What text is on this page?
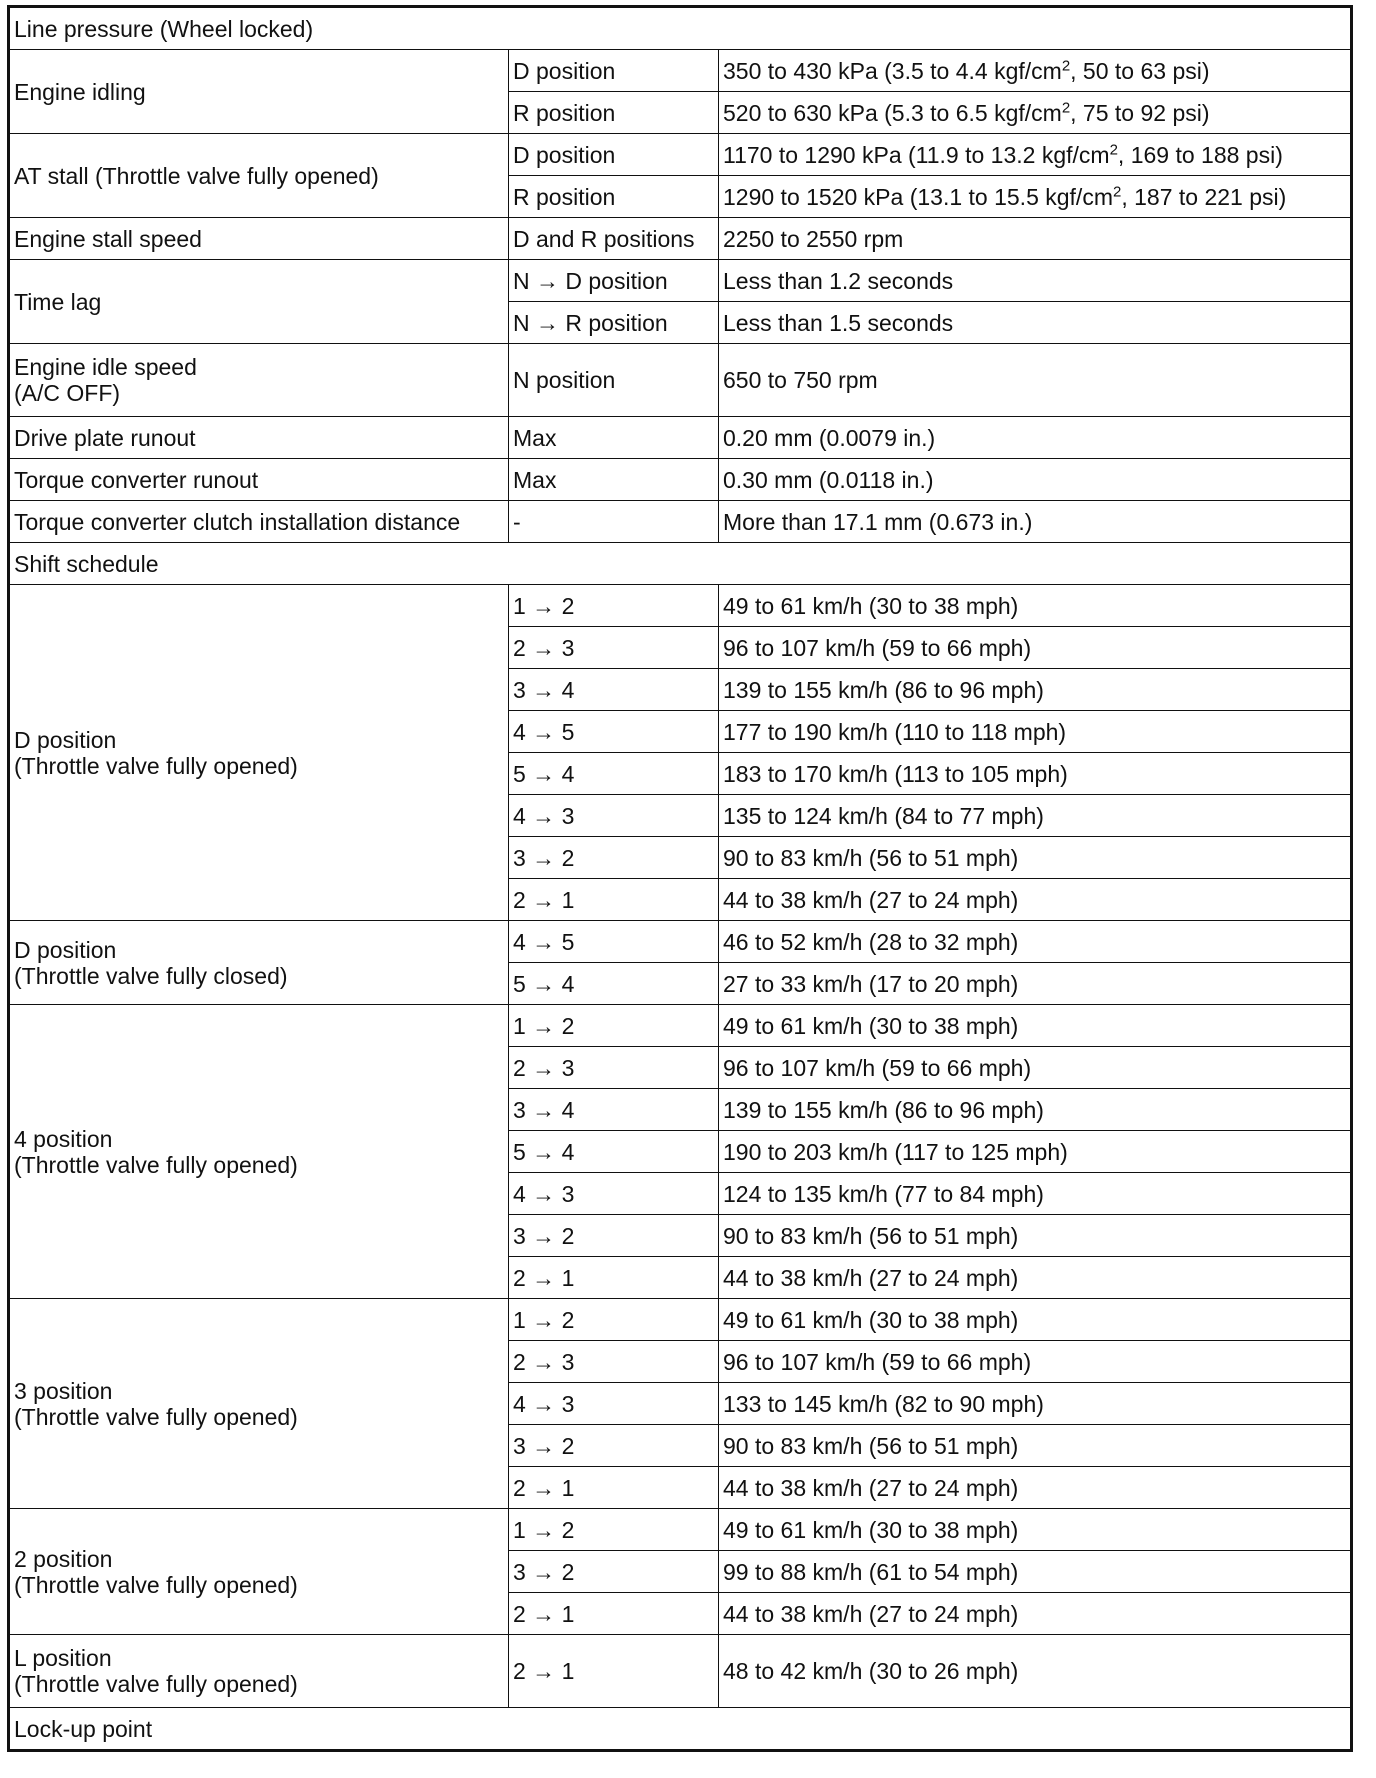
Line pressure (Wheel locked)		
Engine idling	D position	350 to 430 kPa (3.5 to 4.4 kgf/$cm^2$, 50 to 63 psi)
	R position	520 to 630 kPa (5.3 to 6.5 kgf/$cm^2$, 75 to 92 psi)
AT stall (Throttle valve fully opened)	D position	1170 to 1290 kPa (11.9 to 13.2 kgf/$cm^2$, 169 to 188 psi)
	R position	1290 to 1520 kPa (13.1 to 15.5 kgf/$cm^2$, 187 to 221 psi)
Engine stall speed	D and R positions	2250 to 2550 rpm
Time lag	N → D position	Less than 1.2 seconds
	N → R position	Less than 1.5 seconds

Engine idle speed
(A/C OFF)	N position	650 to 750 rpm
Drive plate runout	Max	0.20 mm (0.0079 in.)
Torque converter runout	Max	0.30 mm (0.0118 in.)
Torque converter clutch installation distance	-	More than 17.1 mm (0.673 in.)
Shift schedule		

D position
(Throttle valve fully opened)	1 → 2	49 to 61 km/h (30 to 38 mph)
	2 → 3	96 to 107 km/h (59 to 66 mph)
	3 → 4	139 to 155 km/h (86 to 96 mph)
	4 → 5	177 to 190 km/h (110 to 118 mph)
	5 → 4	183 to 170 km/h (113 to 105 mph)
	4 → 3	135 to 124 km/h (84 to 77 mph)
	3 → 2	90 to 83 km/h (56 to 51 mph)
	2 → 1	44 to 38 km/h (27 to 24 mph)

D position
(Throttle valve fully closed)	4 → 5	46 to 52 km/h (28 to 32 mph)
	5 → 4	27 to 33 km/h (17 to 20 mph)

4 position
(Throttle valve fully opened)	1 → 2	49 to 61 km/h (30 to 38 mph)
	2 → 3	96 to 107 km/h (59 to 66 mph)
	3 → 4	139 to 155 km/h (86 to 96 mph)
	5 → 4	190 to 203 km/h (117 to 125 mph)
	4 → 3	124 to 135 km/h (77 to 84 mph)
	3 → 2	90 to 83 km/h (56 to 51 mph)
	2 → 1	44 to 38 km/h (27 to 24 mph)

3 position
(Throttle valve fully opened)	1 → 2	49 to 61 km/h (30 to 38 mph)
	2 → 3	96 to 107 km/h (59 to 66 mph)
	4 → 3	133 to 145 km/h (82 to 90 mph)
	3 → 2	90 to 83 km/h (56 to 51 mph)
	2 → 1	44 to 38 km/h (27 to 24 mph)

2 position
(Throttle valve fully opened)	1 → 2	49 to 61 km/h (30 to 38 mph)
	3 → 2	99 to 88 km/h (61 to 54 mph)
	2 → 1	44 to 38 km/h (27 to 24 mph)

L position
(Throttle valve fully opened)	2 → 1	48 to 42 km/h (30 to 26 mph)
Lock-up point		
